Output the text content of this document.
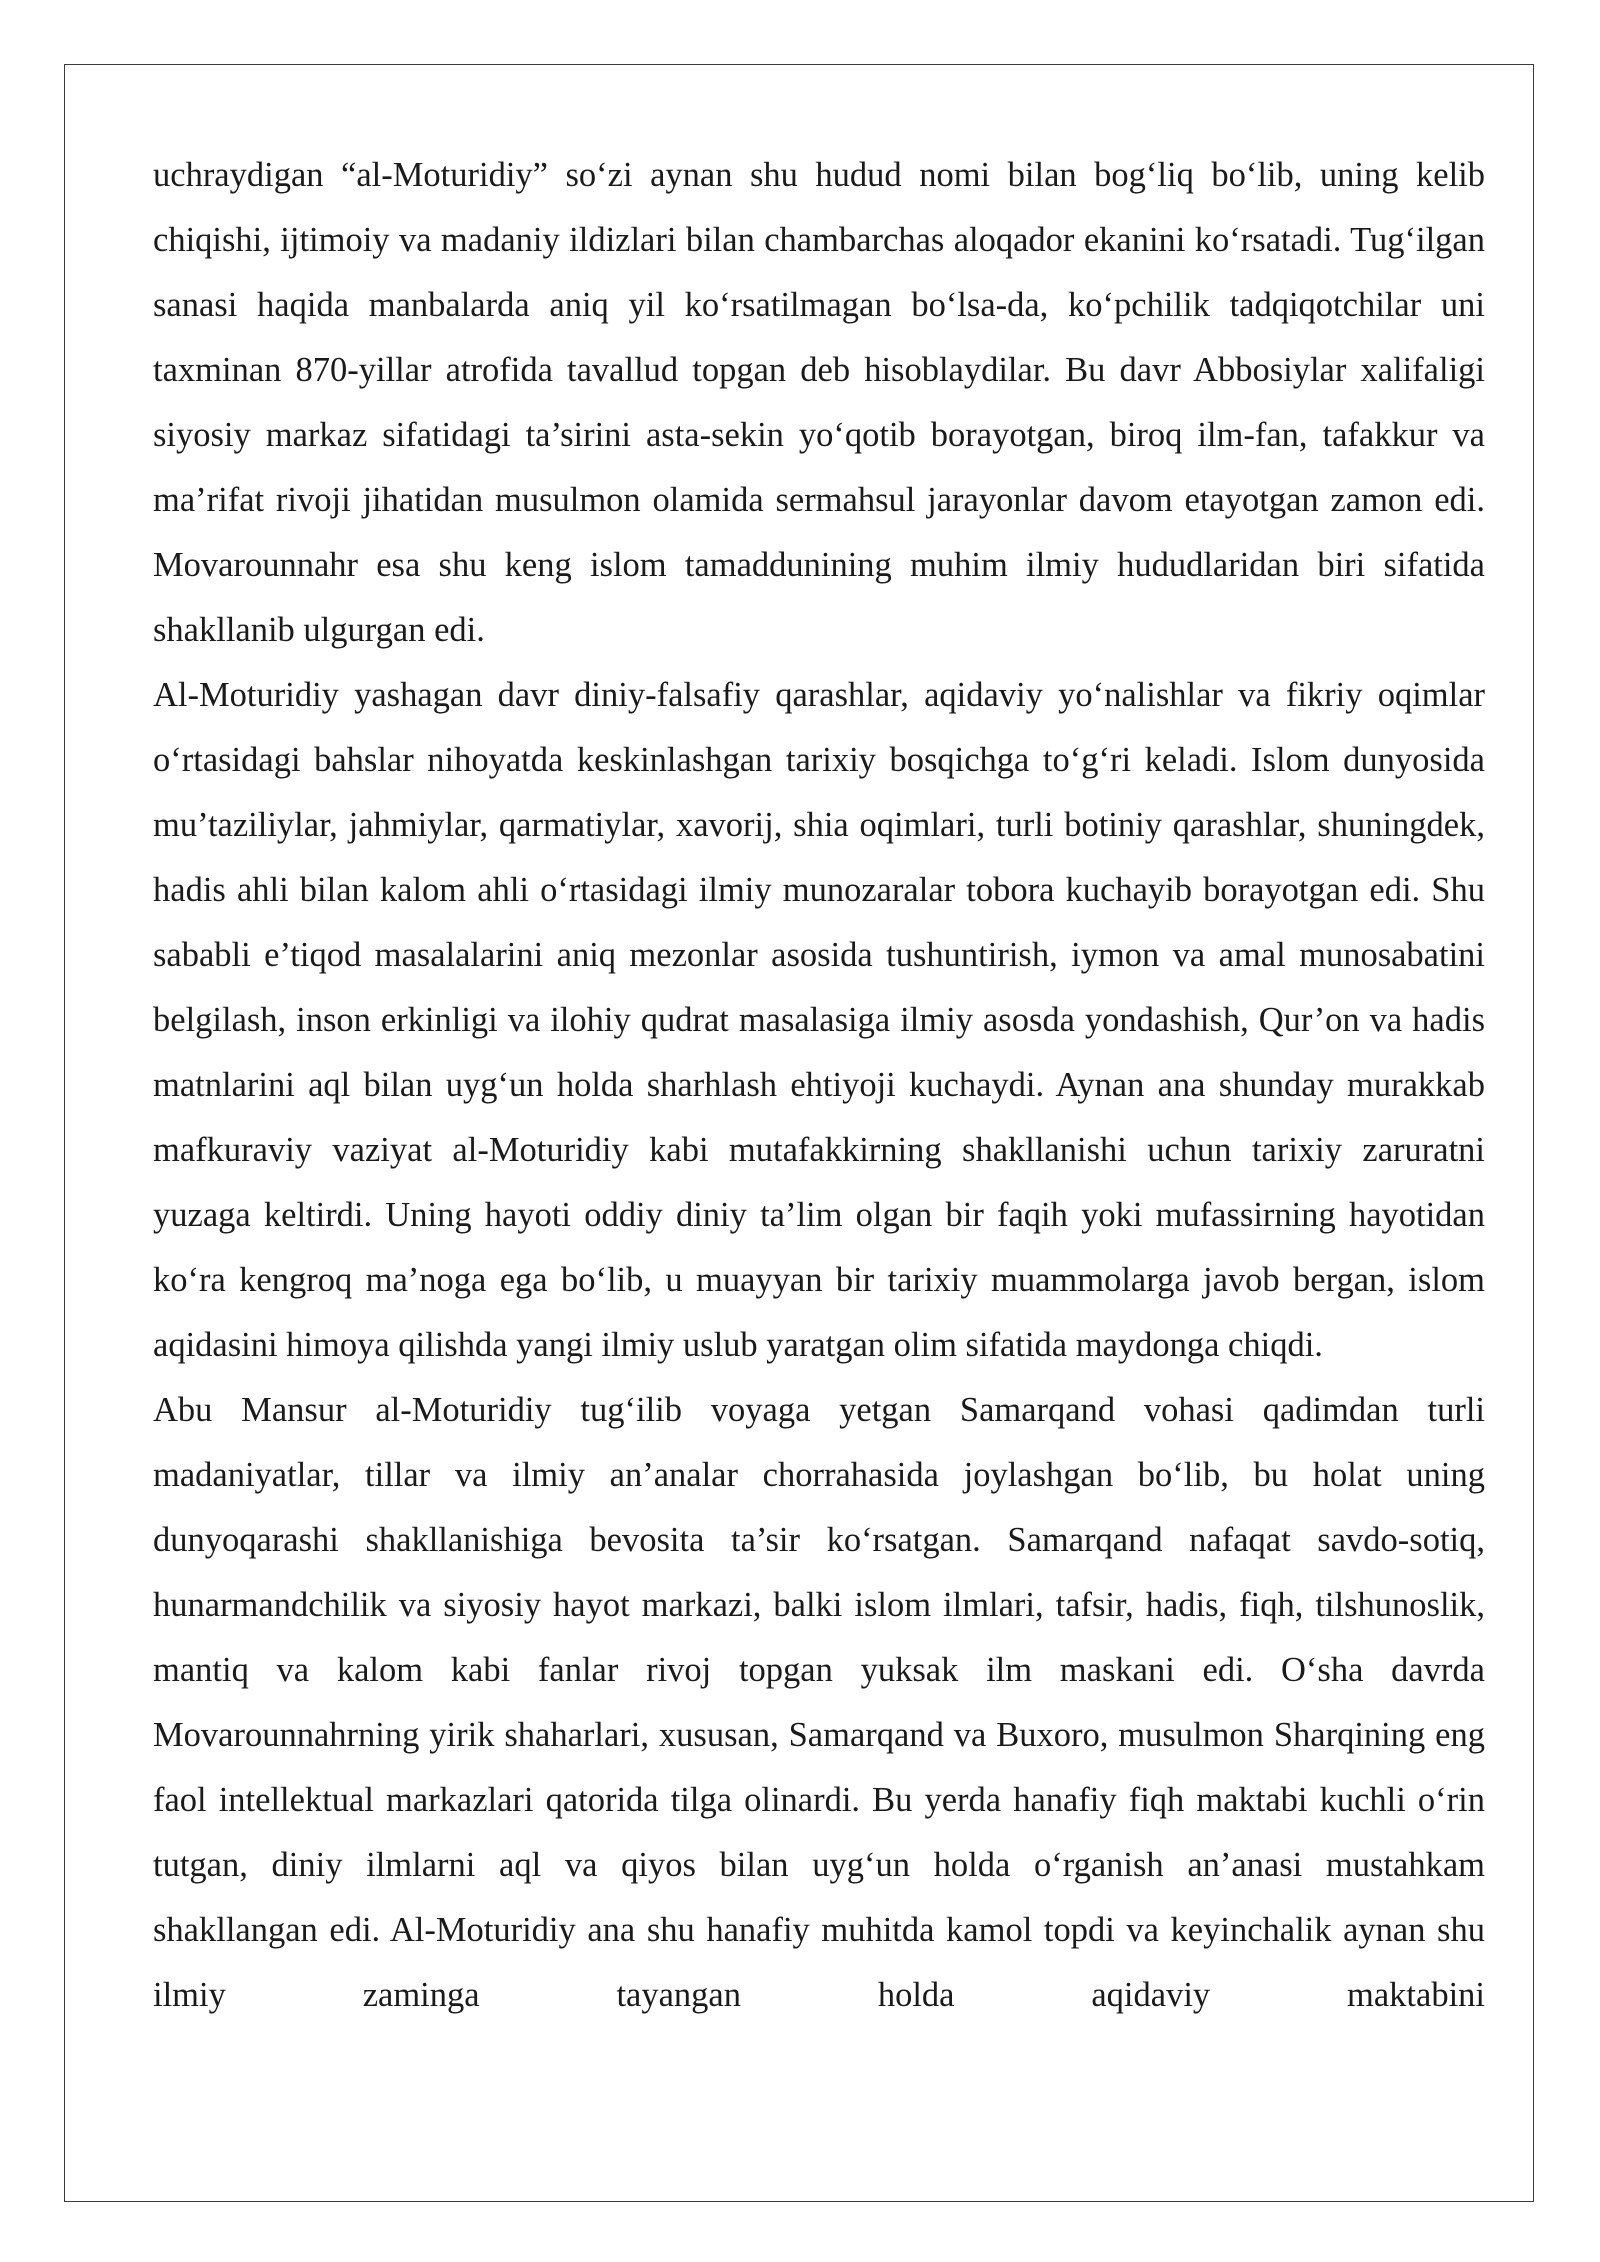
uchraydigan “al-Moturidiy” so‘zi aynan shu hudud nomi bilan bog‘liq bo‘lib, uning kelib chiqishi, ijtimoiy va madaniy ildizlari bilan chambarchas aloqador ekanini ko‘rsatadi. Tug‘ilgan sanasi haqida manbalarda aniq yil ko‘rsatilmagan bo‘lsa-da, ko‘pchilik tadqiqotchilar uni taxminan 870-yillar atrofida tavallud topgan deb hisoblaydilar. Bu davr Abbosiylar xalifaligi siyosiy markaz sifatidagi ta’sirini asta-sekin yo‘qotib borayotgan, biroq ilm-fan, tafakkur va ma’rifat rivoji jihatidan musulmon olamida sermahsul jarayonlar davom etayotgan zamon edi. Movarounnahr esa shu keng islom tamaddunining muhim ilmiy hududlaridan biri sifatida shakllanib ulgurgan edi.

Al-Moturidiy yashagan davr diniy-falsafiy qarashlar, aqidaviy yo‘nalishlar va fikriy oqimlar o‘rtasidagi bahslar nihoyatda keskinlashgan tarixiy bosqichga to‘g‘ri keladi. Islom dunyosida mu’taziliylar, jahmiylar, qarmatiylar, xavorij, shia oqimlari, turli botiniy qarashlar, shuningdek, hadis ahli bilan kalom ahli o‘rtasidagi ilmiy munozaralar tobora kuchayib borayotgan edi. Shu sababli e’tiqod masalalarini aniq mezonlar asosida tushuntirish, iymon va amal munosabatini belgilash, inson erkinligi va ilohiy qudrat masalasiga ilmiy asosda yondashish, Qur’on va hadis matnlarini aql bilan uyg‘un holda sharhlash ehtiyoji kuchaydi. Aynan ana shunday murakkab mafkuraviy vaziyat al-Moturidiy kabi mutafakkirning shakllanishi uchun tarixiy zaruratni yuzaga keltirdi. Uning hayoti oddiy diniy ta’lim olgan bir faqih yoki mufassirning hayotidan ko‘ra kengroq ma’noga ega bo‘lib, u muayyan bir tarixiy muammolarga javob bergan, islom aqidasini himoya qilishda yangi ilmiy uslub yaratgan olim sifatida maydonga chiqdi.

Abu Mansur al-Moturidiy tug‘ilib voyaga yetgan Samarqand vohasi qadimdan turli madaniyatlar, tillar va ilmiy an’analar chorrahasida joylashgan bo‘lib, bu holat uning dunyoqarashi shakllanishiga bevosita ta’sir ko‘rsatgan. Samarqand nafaqat savdo-sotiq, hunarmandchilik va siyosiy hayot markazi, balki islom ilmlari, tafsir, hadis, fiqh, tilshunoslik, mantiq va kalom kabi fanlar rivoj topgan yuksak ilm maskani edi. O‘sha davrda Movarounnahrning yirik shaharlari, xususan, Samarqand va Buxoro, musulmon Sharqining eng faol intellektual markazlari qatorida tilga olinardi. Bu yerda hanafiy fiqh maktabi kuchli o‘rin tutgan, diniy ilmlarni aql va qiyos bilan uyg‘un holda o‘rganish an’anasi mustahkam shakllangan edi. Al-Moturidiy ana shu hanafiy muhitda kamol topdi va keyinchalik aynan shu ilmiy zaminga tayangan holda aqidaviy maktabini
